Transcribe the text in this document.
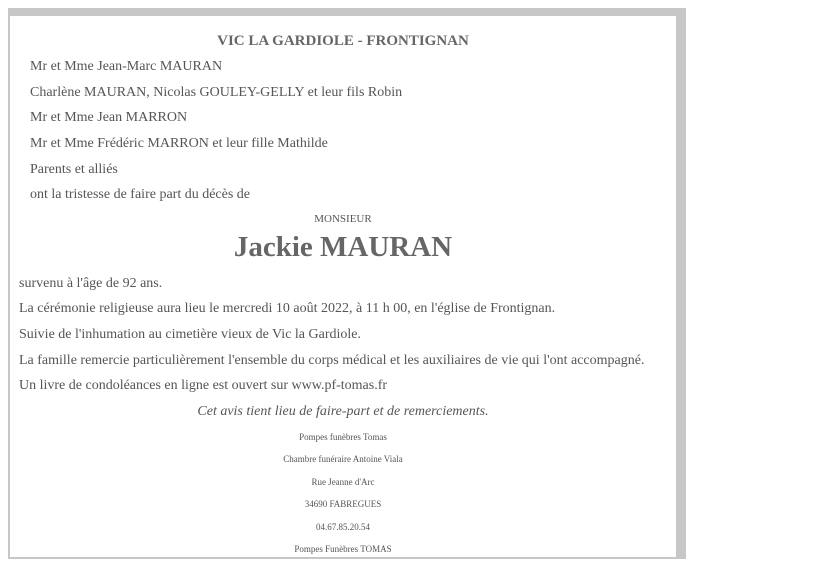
VIC LA GARDIOLE - FRONTIGNAN
Mr et Mme Jean-Marc MAURAN
Charlène MAURAN, Nicolas GOULEY-GELLY et leur fils Robin
Mr et Mme Jean MARRON
Mr et Mme Frédéric MARRON et leur fille Mathilde
Parents et alliés
ont la tristesse de faire part du décès de
MONSIEUR
Jackie MAURAN
survenu à l'âge de 92 ans.
La cérémonie religieuse aura lieu le mercredi 10 août 2022, à 11 h 00, en l'église de Frontignan.
Suivie de l'inhumation au cimetière vieux de Vic la Gardiole.
La famille remercie particulièrement l'ensemble du corps médical et les auxiliaires de vie qui l'ont accompagné.
Un livre de condoléances en ligne est ouvert sur www.pf-tomas.fr
Cet avis tient lieu de faire-part et de remerciements.
Pompes funèbres Tomas
Chambre funéraire Antoine Viala
Rue Jeanne d'Arc
34690 FABREGUES
04.67.85.20.54
Pompes Funèbres TOMAS
